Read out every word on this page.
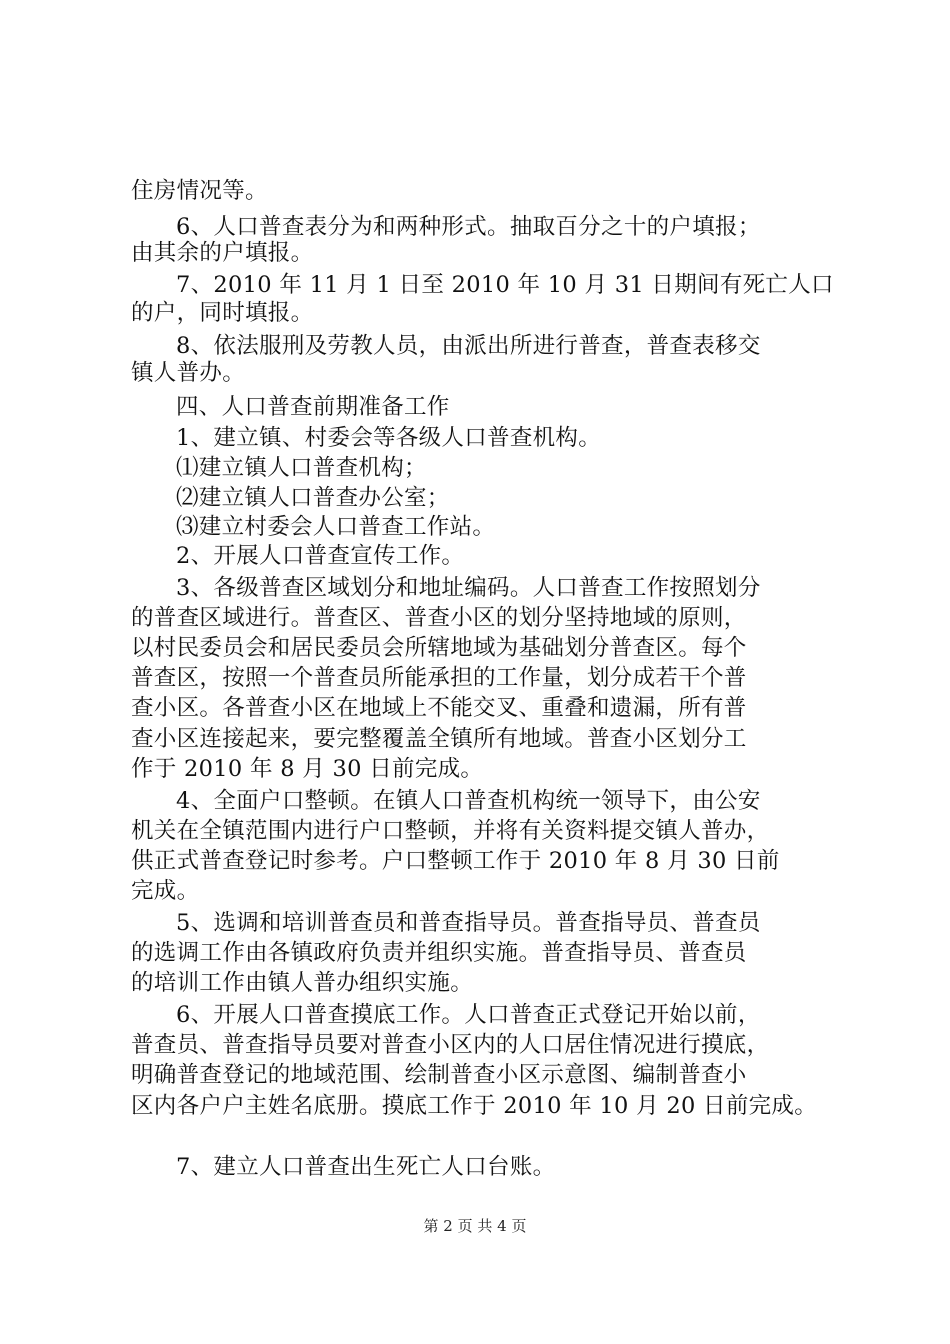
住房情况等。
6、人口普查表分为和两种形式。抽取百分之十的户填报；
由其余的户填报。
7、2010 年 11 月 1 日至 2010 年 10 月 31 日期间有死亡人口
的户，同时填报。
8、依法服刑及劳教人员，由派出所进行普查，普查表移交
镇人普办。
四、人口普查前期准备工作
1、建立镇、村委会等各级人口普查机构。
⑴建立镇人口普查机构；
⑵建立镇人口普查办公室；
⑶建立村委会人口普查工作站。
2、开展人口普查宣传工作。
3、各级普查区域划分和地址编码。人口普查工作按照划分
的普查区域进行。普查区、普查小区的划分坚持地域的原则，
以村民委员会和居民委员会所辖地域为基础划分普查区。每个
普查区，按照一个普查员所能承担的工作量，划分成若干个普
查小区。各普查小区在地域上不能交叉、重叠和遗漏，所有普
查小区连接起来，要完整覆盖全镇所有地域。普查小区划分工
作于 2010 年 8 月 30 日前完成。
4、全面户口整顿。在镇人口普查机构统一领导下，由公安
机关在全镇范围内进行户口整顿，并将有关资料提交镇人普办，
供正式普查登记时参考。户口整顿工作于 2010 年 8 月 30 日前
完成。
5、选调和培训普查员和普查指导员。普查指导员、普查员
的选调工作由各镇政府负责并组织实施。普查指导员、普查员
的培训工作由镇人普办组织实施。
6、开展人口普查摸底工作。人口普查正式登记开始以前，
普查员、普查指导员要对普查小区内的人口居住情况进行摸底，
明确普查登记的地域范围、绘制普查小区示意图、编制普查小
区内各户户主姓名底册。摸底工作于 2010 年 10 月 20 日前完成。
7、建立人口普查出生死亡人口台账。
第 2 页 共 4 页
